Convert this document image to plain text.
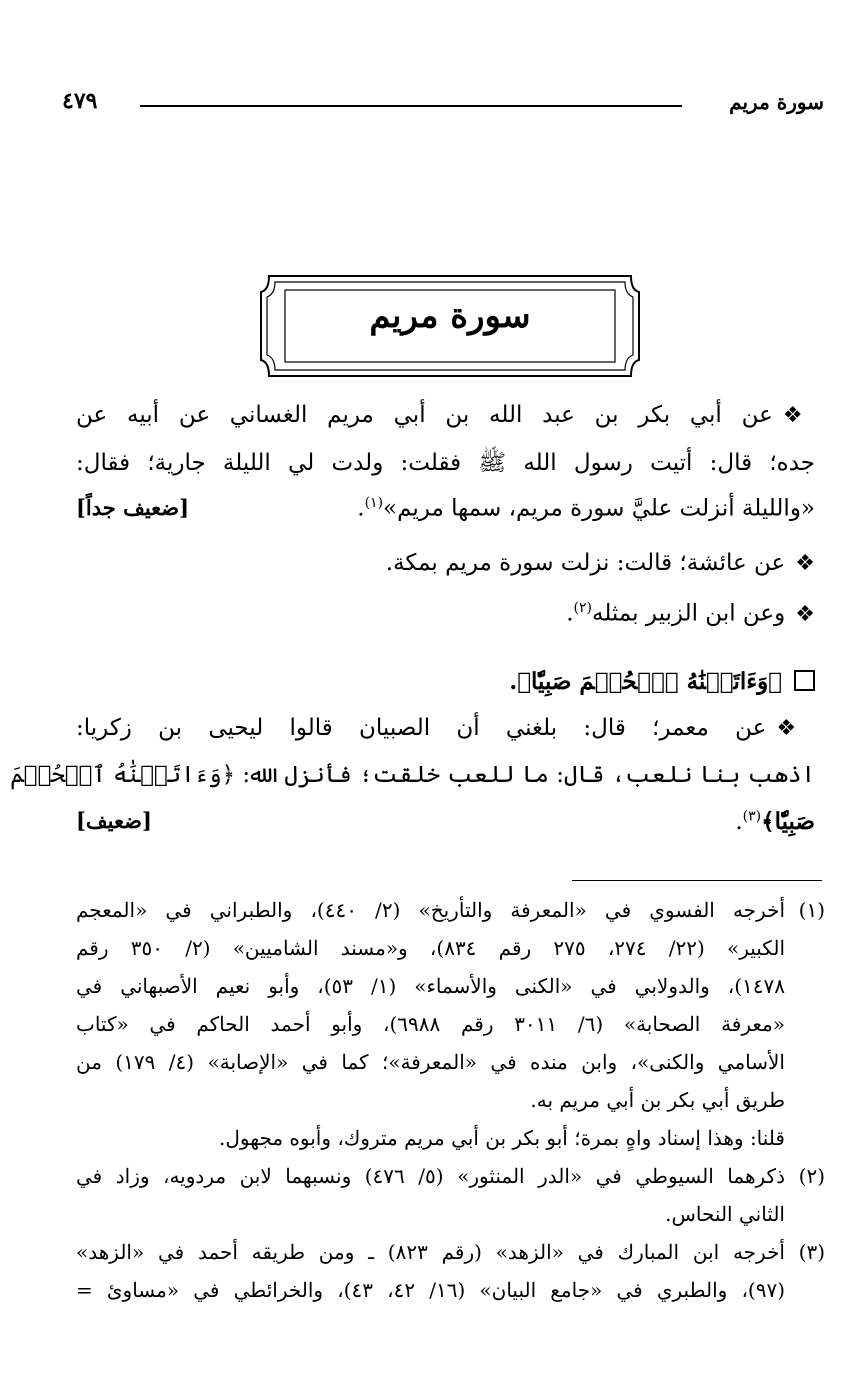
سورة مريم
٤٧٩
سورة مريم
❖عن أبي بكر بن عبد الله بن أبي مريم الغساني عن أبيه عن
جده؛ قال: أتيت رسول الله ﷺ فقلت: ولدت لي الليلة جارية؛ فقال:
«والليلة أنزلت عليَّ سورة مريم، سمها مريم»$^{(١)}$.
[ضعيف جداً]
❖عن عائشة؛ قالت: نزلت سورة مريم بمكة.
❖وعن ابن الزبير بمثله$^{(٢)}$.
﴿وَءَاتَيۡنَٰهُ ٱلۡحُكۡمَ صَبِيّٗا﴾.
❖عن معمر؛ قال: بلغني أن الصبيان قالوا ليحيى بن زكريا:
اذهب بنا نلعب، قال: ما للعب خلقت؛ فأنزل الله: ﴿وَءَاتَيۡنَٰهُ ٱلۡحُكۡمَ
صَبِيّٗا﴾$^{(٣)}$.
[ضعيف]
(١)
أخرجه الفسوي في «المعرفة والتأريخ» (٢/ ٤٤٠)، والطبراني في «المعجم
الكبير» (٢٢/ ٢٧٤، ٢٧٥ رقم ٨٣٤)، و«مسند الشاميين» (٢/ ٣٥٠ رقم
١٤٧٨)، والدولابي في «الكنى والأسماء» (١/ ٥٣)، وأبو نعيم الأصبهاني في
«معرفة الصحابة» (٦/ ٣٠١١ رقم ٦٩٨٨)، وأبو أحمد الحاكم في «كتاب
الأسامي والكنى»، وابن منده في «المعرفة»؛ كما في «الإصابة» (٤/ ١٧٩) من
طريق أبي بكر بن أبي مريم به.
قلنا: وهذا إسناد واهٍ بمرة؛ أبو بكر بن أبي مريم متروك، وأبوه مجهول.
(٢)
ذكرهما السيوطي في «الدر المنثور» (٥/ ٤٧٦) ونسبهما لابن مردويه، وزاد في
الثاني النحاس.
(٣)
أخرجه ابن المبارك في «الزهد» (رقم ٨٢٣) ـ ومن طريقه أحمد في «الزهد»
(٩٧)، والطبري في «جامع البيان» (١٦/ ٤٢، ٤٣)، والخرائطي في «مساوئ =
